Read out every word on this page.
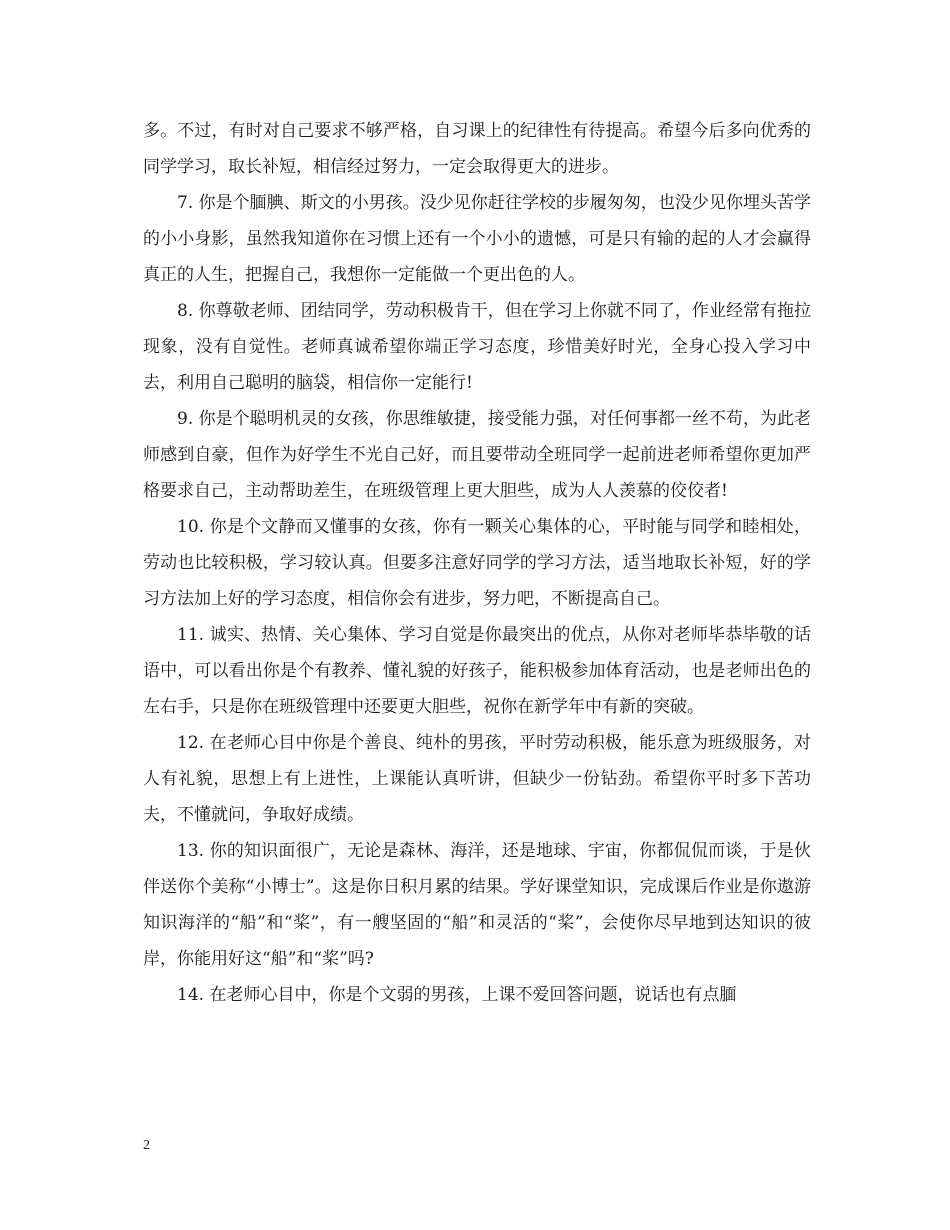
多。不过，有时对自己要求不够严格，自习课上的纪律性有待提高。希望今后多向优秀的同学学习，取长补短，相信经过努力，一定会取得更大的进步。

7. 你是个腼腆、斯文的小男孩。没少见你赶往学校的步履匆匆，也没少见你埋头苦学的小小身影，虽然我知道你在习惯上还有一个小小的遗憾，可是只有输的起的人才会赢得真正的人生，把握自己，我想你一定能做一个更出色的人。

8. 你尊敬老师、团结同学，劳动积极肯干，但在学习上你就不同了，作业经常有拖拉现象，没有自觉性。老师真诚希望你端正学习态度，珍惜美好时光，全身心投入学习中去，利用自己聪明的脑袋，相信你一定能行!

9. 你是个聪明机灵的女孩，你思维敏捷，接受能力强，对任何事都一丝不苟，为此老师感到自豪，但作为好学生不光自己好，而且要带动全班同学一起前进老师希望你更加严格要求自己，主动帮助差生，在班级管理上更大胆些，成为人人羡慕的佼佼者!

10. 你是个文静而又懂事的女孩，你有一颗关心集体的心，平时能与同学和睦相处，劳动也比较积极，学习较认真。但要多注意好同学的学习方法，适当地取长补短，好的学习方法加上好的学习态度，相信你会有进步，努力吧，不断提高自己。

11. 诚实、热情、关心集体、学习自觉是你最突出的优点，从你对老师毕恭毕敬的话语中，可以看出你是个有教养、懂礼貌的好孩子，能积极参加体育活动，也是老师出色的左右手，只是你在班级管理中还要更大胆些，祝你在新学年中有新的突破。

12. 在老师心目中你是个善良、纯朴的男孩，平时劳动积极，能乐意为班级服务，对人有礼貌，思想上有上进性，上课能认真听讲，但缺少一份钻劲。希望你平时多下苦功夫，不懂就问，争取好成绩。

13. 你的知识面很广，无论是森林、海洋，还是地球、宇宙，你都侃侃而谈，于是伙伴送你个美称“小博士”。这是你日积月累的结果。学好课堂知识，完成课后作业是你遨游知识海洋的“船”和“桨”，有一艘坚固的“船”和灵活的“桨”，会使你尽早地到达知识的彼岸，你能用好这“船”和“桨”吗?

14. 在老师心目中，你是个文弱的男孩，上课不爱回答问题，说话也有点腼

2
